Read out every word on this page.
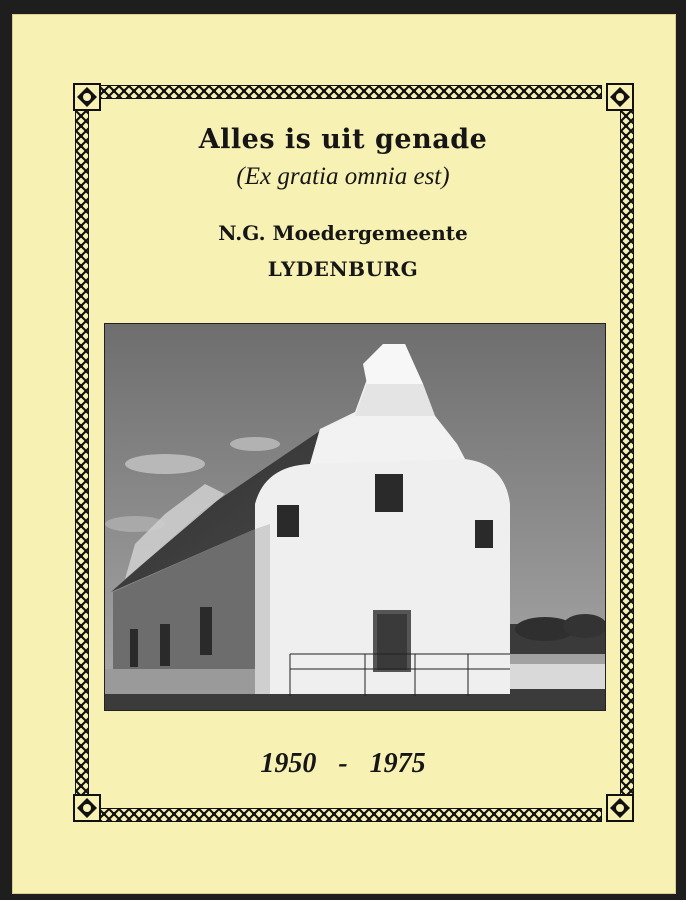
Alles is uit genade
(Ex gratia omnia est)
N.G. Moedergemeente
LYDENBURG
1950 - 1975
